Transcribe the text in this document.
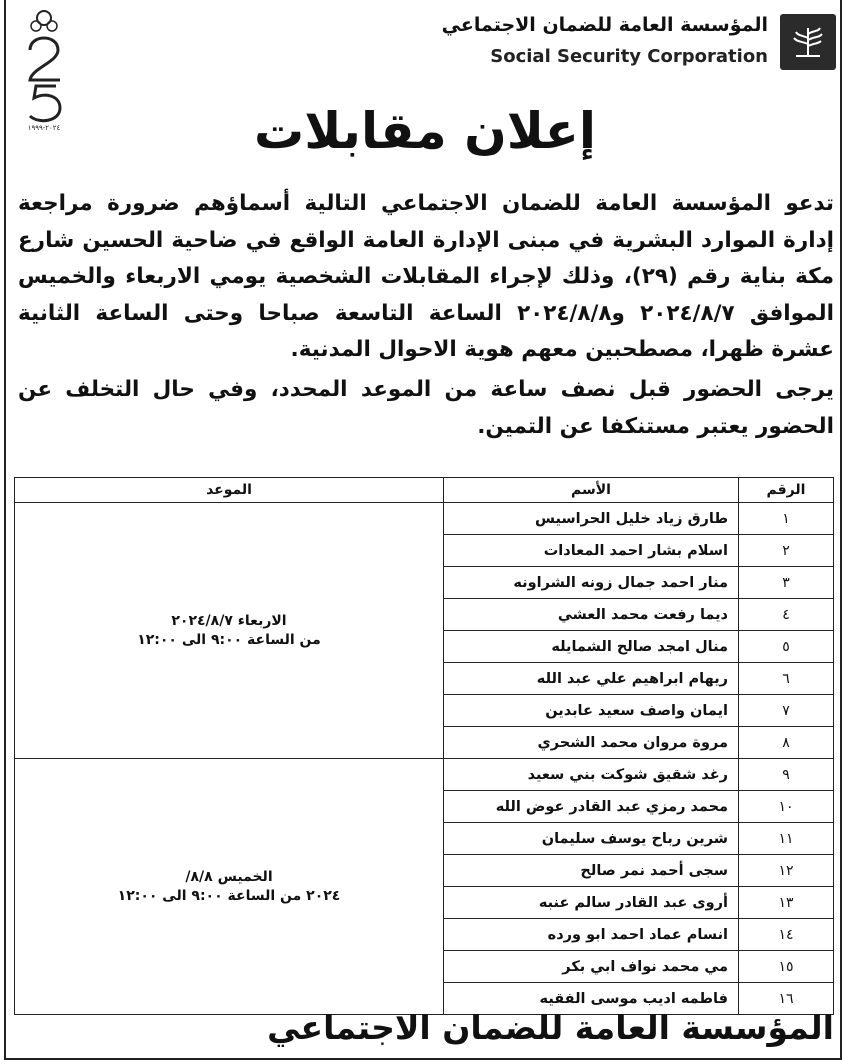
المؤسسة العامة للضمان الاجتماعي
Social Security Corporation
٢٠٢٤-١٩٩٩	إعلان مقابلات
تدعو المؤسسة العامة للضمان الاجتماعي التالية أسماؤهم ضرورة مراجعة إدارة الموارد البشرية في مبنى الإدارة العامة الواقع في ضاحية الحسين شارع مكة بناية رقم (٢٩)، وذلك لإجراء المقابلات الشخصية يومي الاربعاء والخميس الموافق ٢٠٢٤/٨/٧ و٢٠٢٤/٨/٨ الساعة التاسعة صباحا وحتى الساعة الثانية عشرة ظهرا، مصطحبين معهم هوية الاحوال المدنية.
يرجى الحضور قبل نصف ساعة من الموعد المحدد، وفي حال التخلف عن الحضور يعتبر مستنكفا عن التمين.
الرقم	الأسم	الموعد
١	طارق زياد خليل الحراسيس	الاربعاء ٢٠٢٤/٨/٧
من الساعة ٩:٠٠ الى ١٢:٠٠

٢	اسلام بشار احمد المعادات	
٣	منار احمد جمال زونه الشراونه	
٤	ديما رفعت محمد العشي	
٥	منال امجد صالح الشمايله	
٦	ريهام ابراهيم علي عبد الله	
٧	ايمان واصف سعيد عابدين	
٨	مروة مروان محمد الشحري	
٩	رغد شقيق شوكت بني سعيد	الخميس ٨/٨/
٢٠٢٤ من الساعة ٩:٠٠ الى ١٢:٠٠

١٠	محمد رمزي عبد القادر عوض الله	
١١	شرين رباح يوسف سليمان	
١٢	سجى أحمد نمر صالح	
١٣	أروى عبد القادر سالم عنبه	
١٤	انسام عماد احمد ابو ورده	
١٥	مي محمد نواف ابي بكر	
١٦	فاطمه اديب موسى الفقيه	
المؤسسة العامة للضمان الاجتماعي
